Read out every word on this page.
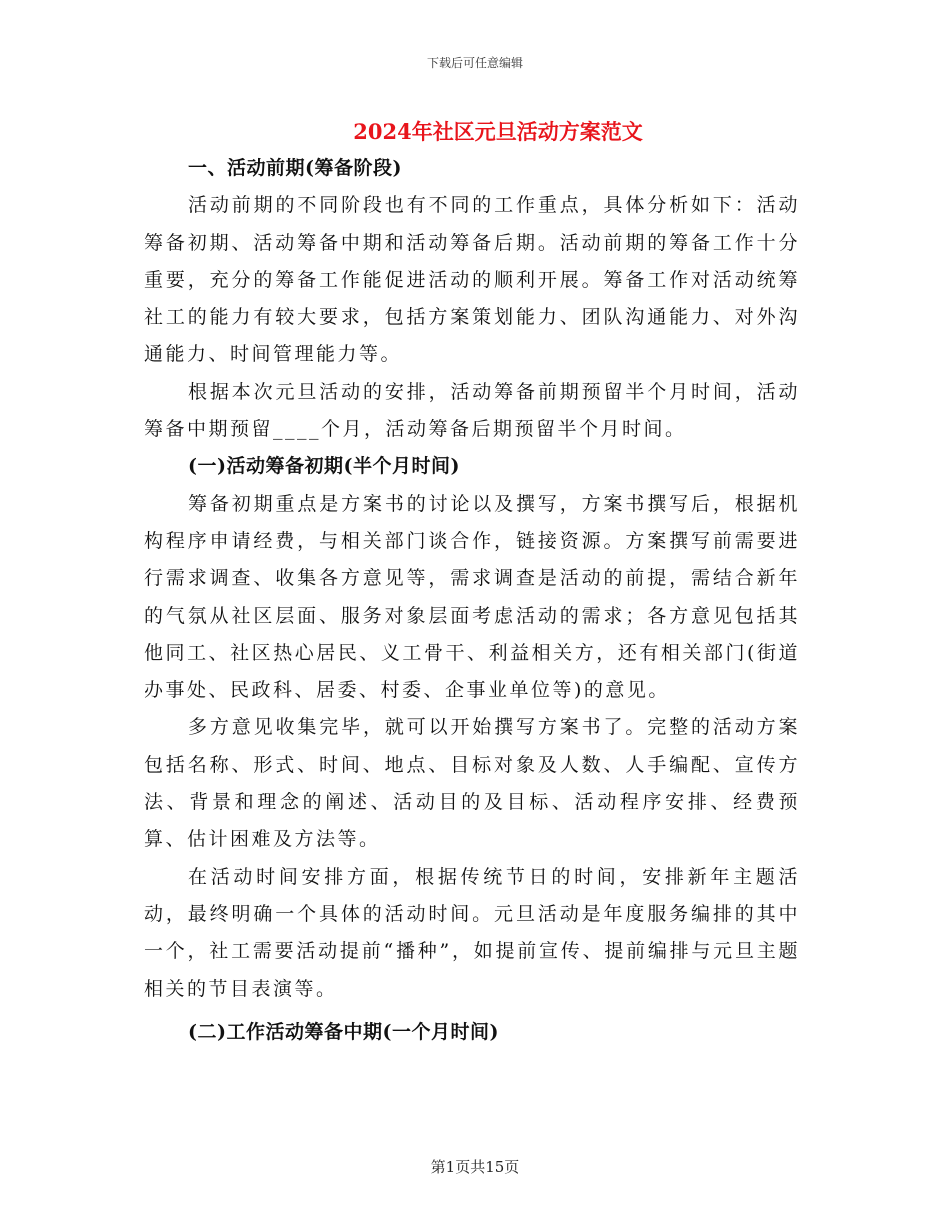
下载后可任意编辑
2024年社区元旦活动方案范文
一、活动前期(筹备阶段)

活动前期的不同阶段也有不同的工作重点，具体分析如下：活动筹备初期、活动筹备中期和活动筹备后期。活动前期的筹备工作十分重要，充分的筹备工作能促进活动的顺利开展。筹备工作对活动统筹社工的能力有较大要求，包括方案策划能力、团队沟通能力、对外沟通能力、时间管理能力等。

根据本次元旦活动的安排，活动筹备前期预留半个月时间，活动筹备中期预留____个月，活动筹备后期预留半个月时间。

(一)活动筹备初期(半个月时间)

筹备初期重点是方案书的讨论以及撰写，方案书撰写后，根据机构程序申请经费，与相关部门谈合作，链接资源。方案撰写前需要进行需求调查、收集各方意见等，需求调查是活动的前提，需结合新年的气氛从社区层面、服务对象层面考虑活动的需求；各方意见包括其他同工、社区热心居民、义工骨干、利益相关方，还有相关部门(街道办事处、民政科、居委、村委、企事业单位等)的意见。

多方意见收集完毕，就可以开始撰写方案书了。完整的活动方案包括名称、形式、时间、地点、目标对象及人数、人手编配、宣传方法、背景和理念的阐述、活动目的及目标、活动程序安排、经费预算、估计困难及方法等。

在活动时间安排方面，根据传统节日的时间，安排新年主题活动，最终明确一个具体的活动时间。元旦活动是年度服务编排的其中一个，社工需要活动提前“播种”，如提前宣传、提前编排与元旦主题相关的节目表演等。

(二)工作活动筹备中期(一个月时间)
第1页共15页
